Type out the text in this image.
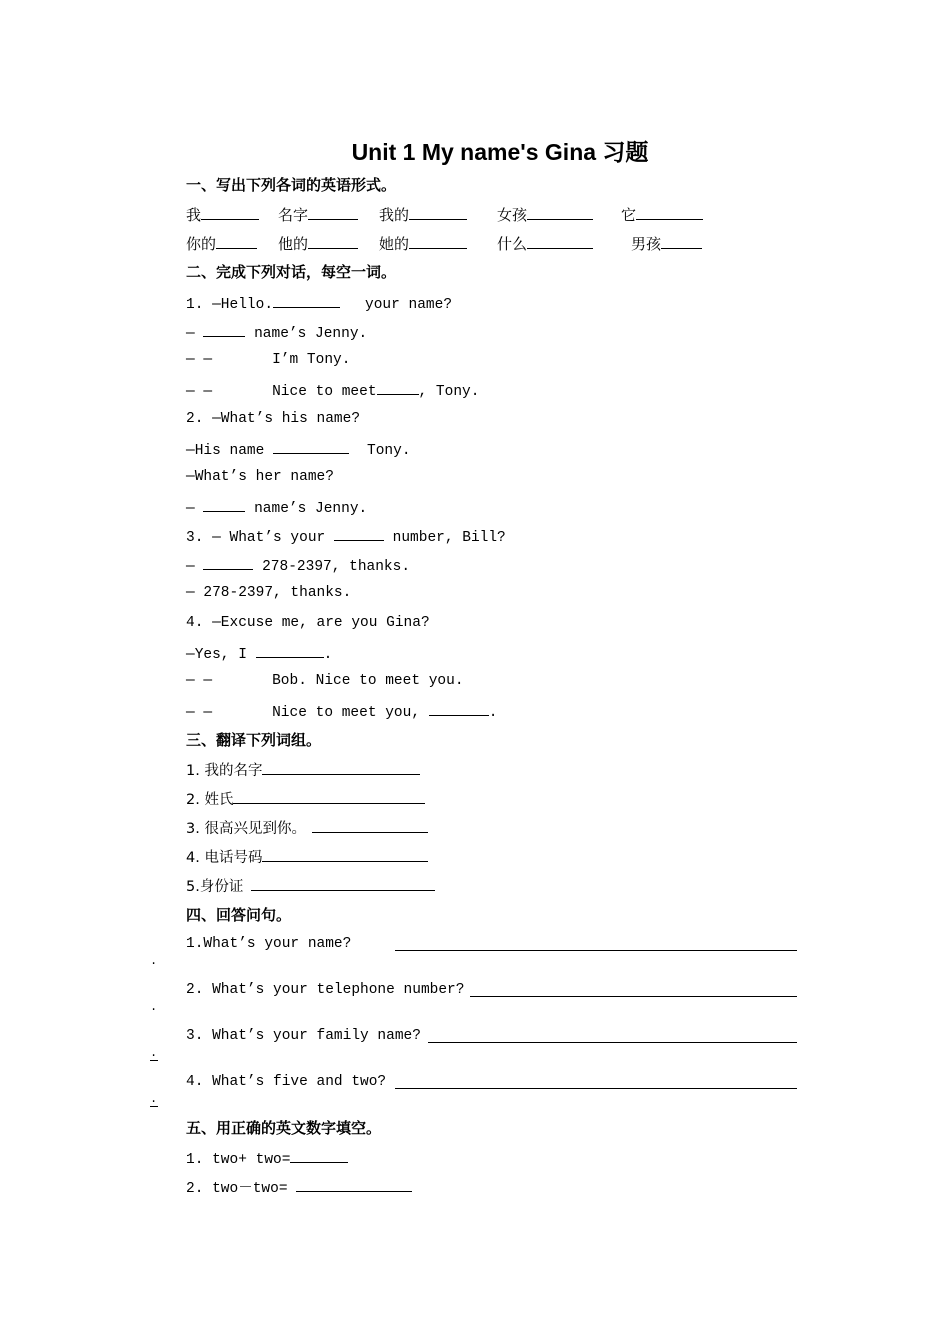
Unit 1 My name's Gina 习题
一、写出下列各词的英语形式。
我	名字	我的	女孩	它
你的	他的	她的	什么	男孩
二、完成下列对话，每空一词。
1. —Hello.	your name?
—	name’s Jenny.
— —	I’m Tony.
— —	Nice to meet	, Tony.
2. —What’s his name?
—His name	Tony.
—What’s her name?
—	name’s Jenny.
3. — What’s your	number, Bill?
—	278-2397, thanks.
— 278-2397, thanks.
4. —Excuse me, are you Gina?
—Yes, I	.
— —	Bob. Nice to meet you.
— —	Nice to meet you,	.
三、翻译下列词组。
1. 我的名字
2. 姓氏
3. 很高兴见到你。
4. 电话号码
5.身份证
四、回答问句。
1.What’s your name?
.
2. What’s your telephone number?
.
3. What’s your family name?
.
4. What’s five and two?
.
五、用正确的英文数字填空。
1. two+ two=
2. two－two=
